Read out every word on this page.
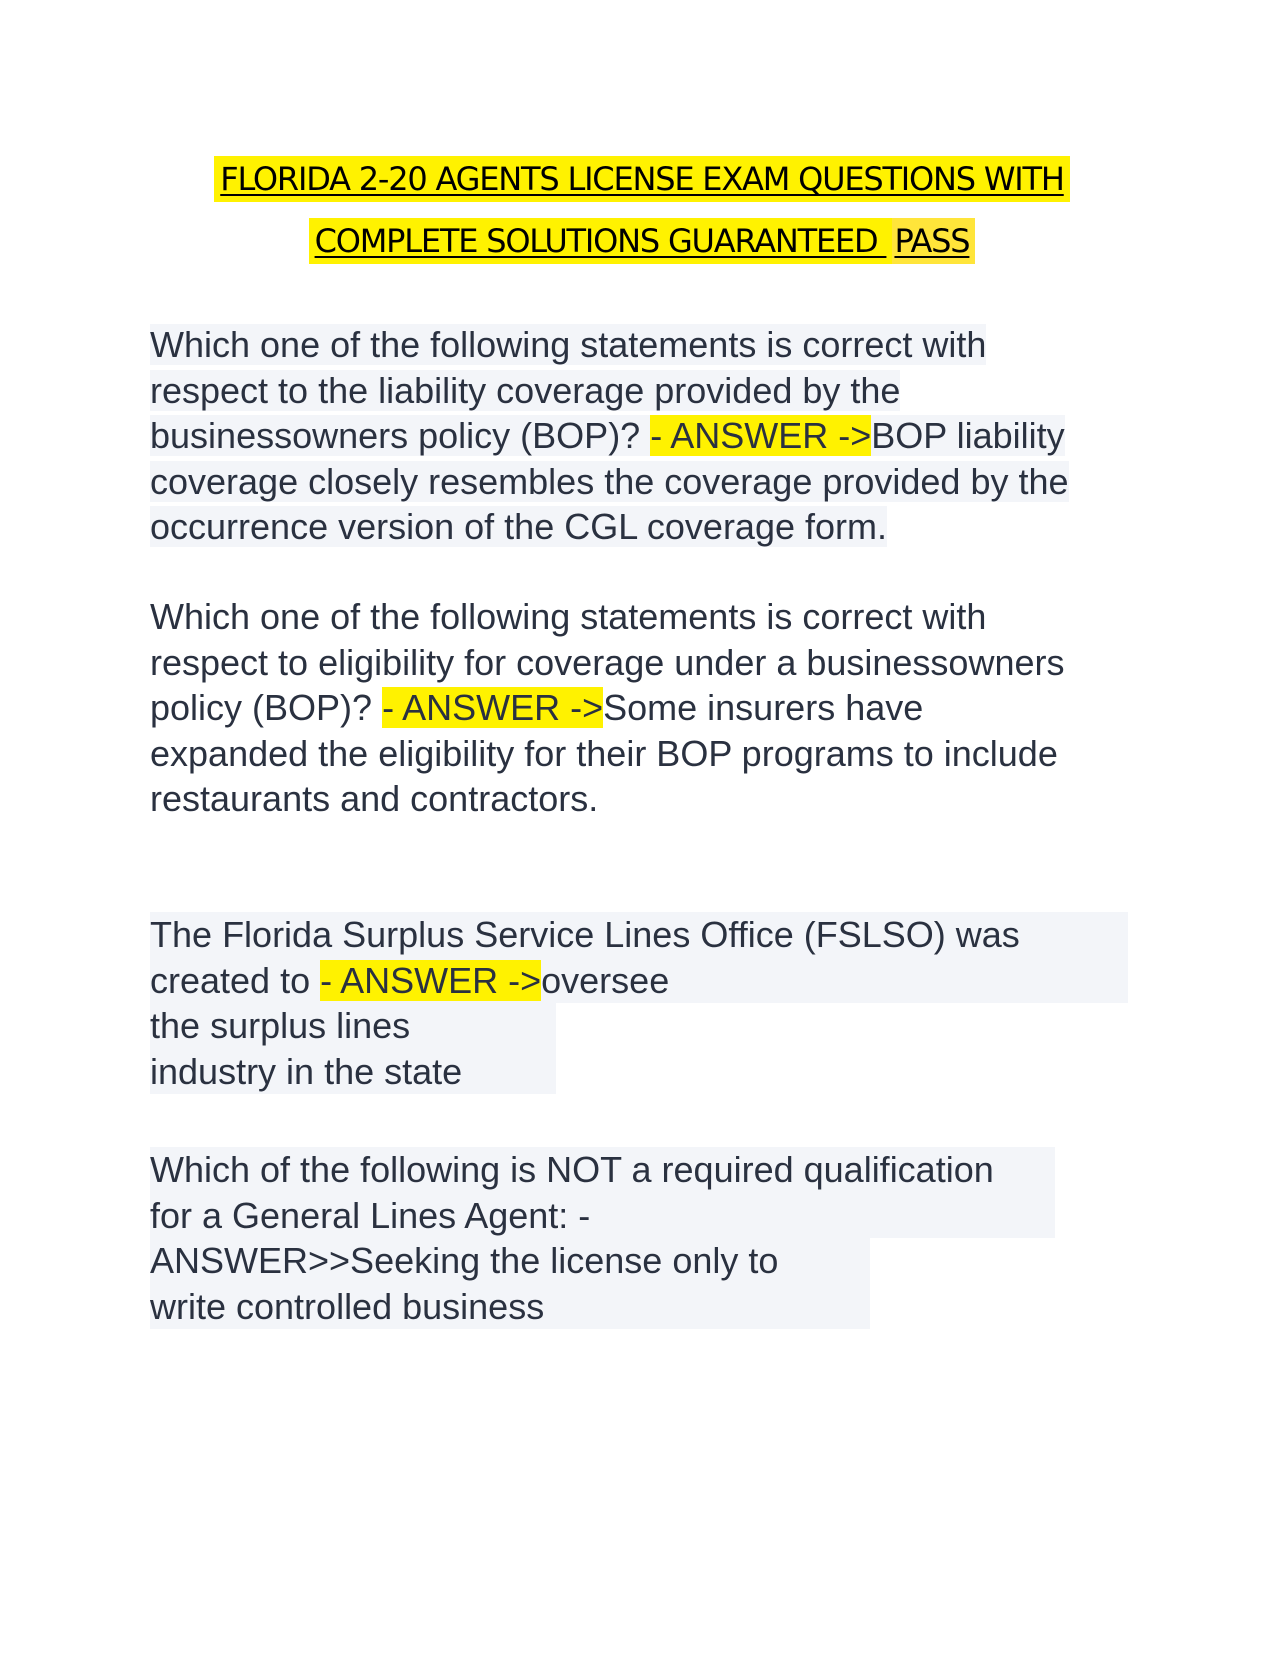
FLORIDA 2-20 AGENTS LICENSE EXAM QUESTIONS WITH
COMPLETE SOLUTIONS GUARANTEED PASS
Which one of the following statements is correct with
respect to the liability coverage provided by the
businessowners policy (BOP)? - ANSWER ->BOP liability
coverage closely resembles the coverage provided by the
occurrence version of the CGL coverage form.
Which one of the following statements is correct with
respect to eligibility for coverage under a businessowners
policy (BOP)? - ANSWER ->Some insurers have
expanded the eligibility for their BOP programs to include
restaurants and contractors.
The Florida Surplus Service Lines Office (FSLSO) was
created to - ANSWER ->oversee
the surplus lines
industry in the state
Which of the following is NOT a required qualification
for a General Lines Agent: -
ANSWER>>Seeking the license only to
write controlled business
